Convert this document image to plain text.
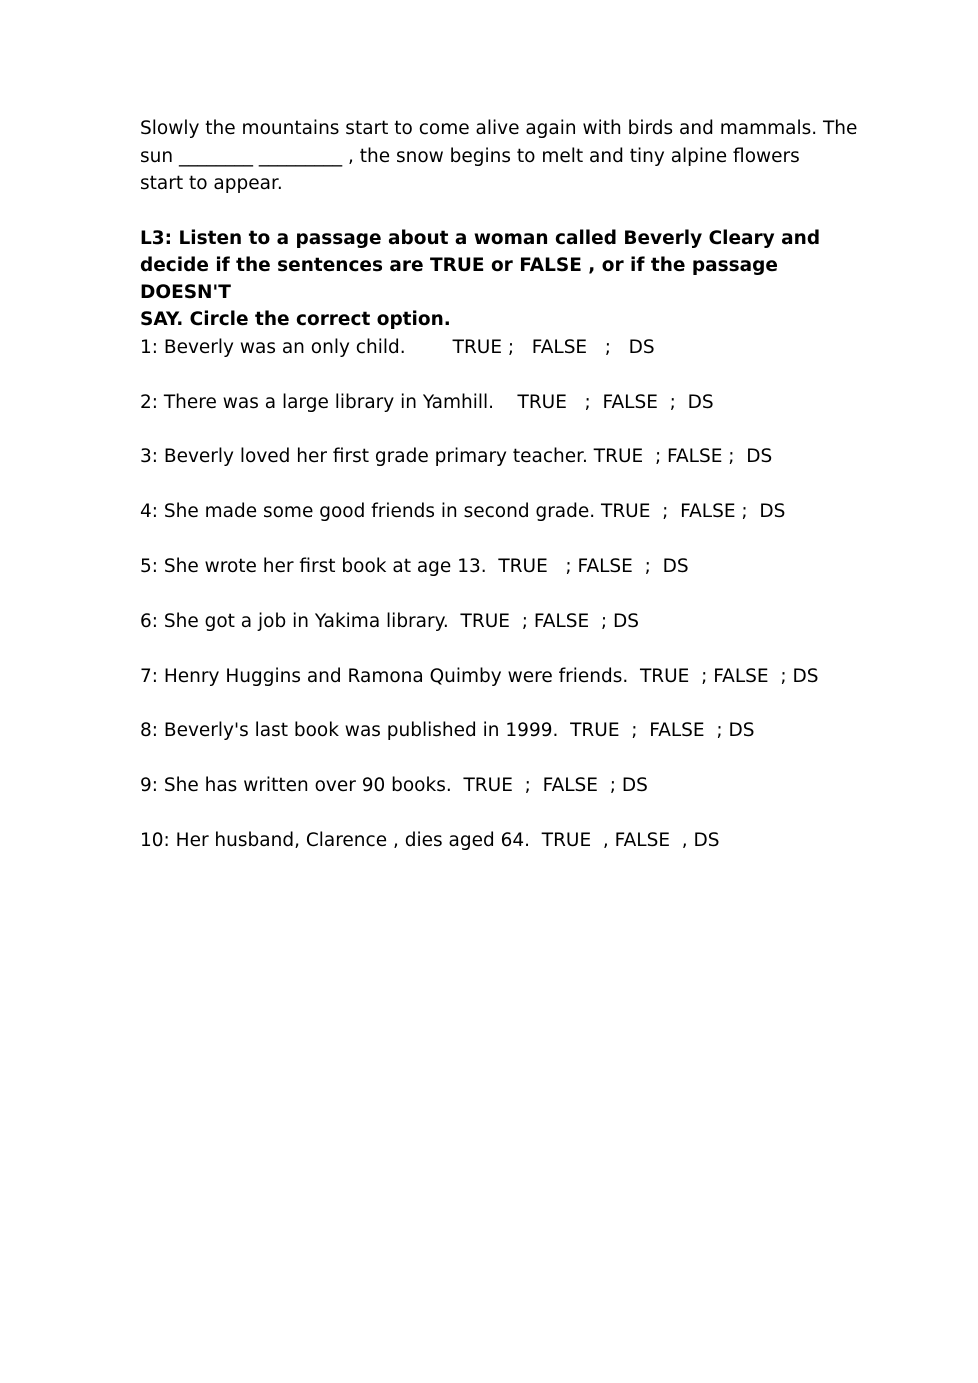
Slowly the mountains start to come alive again with birds and mammals. The
sun ________ _________ , the snow begins to melt and tiny alpine flowers
start to appear.
L3: Listen to a passage about a woman called Beverly Cleary and
decide if the sentences are TRUE or FALSE , or if the passage DOESN'T
SAY. Circle the correct option.
1: Beverly was an only child.        TRUE ;   FALSE   ;   DS
2: There was a large library in Yamhill.    TRUE   ;  FALSE  ;  DS
3: Beverly loved her first grade primary teacher. TRUE  ; FALSE ;  DS
4: She made some good friends in second grade. TRUE  ;  FALSE ;  DS
5: She wrote her first book at age 13.  TRUE   ; FALSE  ;  DS
6: She got a job in Yakima library.  TRUE  ; FALSE  ; DS
7: Henry Huggins and Ramona Quimby were friends.  TRUE  ; FALSE  ; DS
8: Beverly's last book was published in 1999.  TRUE  ;  FALSE  ; DS
9: She has written over 90 books.  TRUE  ;  FALSE  ; DS
10: Her husband, Clarence , dies aged 64.  TRUE  , FALSE  , DS
